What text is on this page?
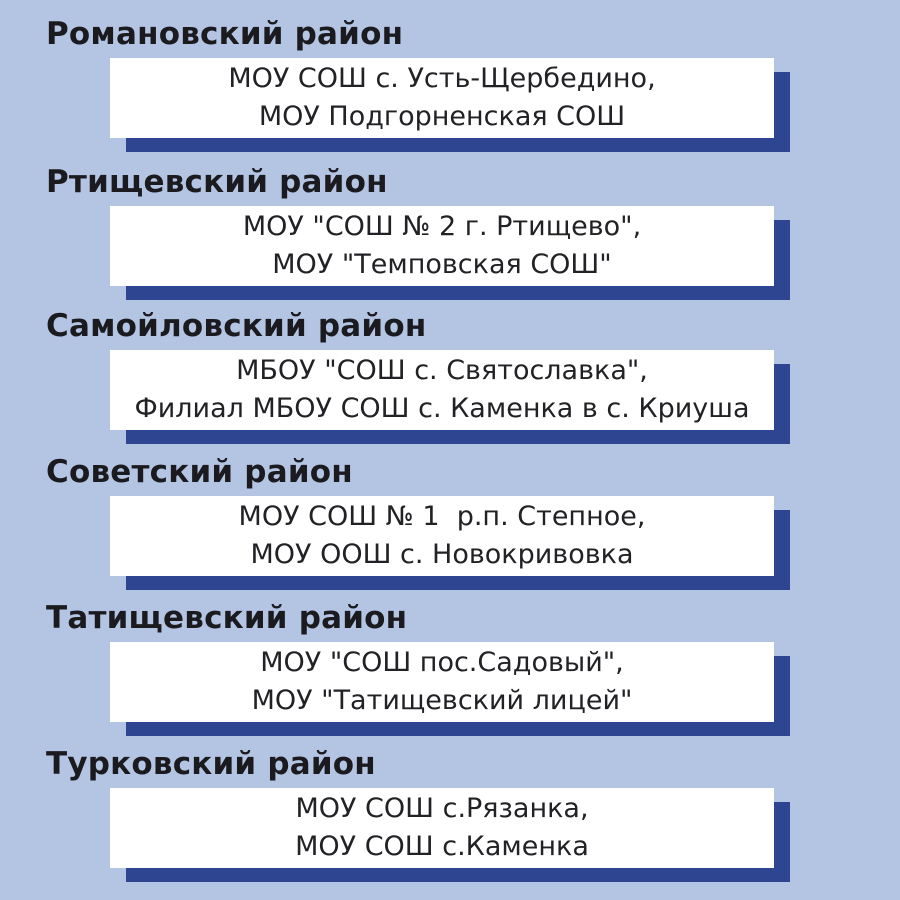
Романовский район
МОУ СОШ с. Усть-Щербедино,
МОУ Подгорненская СОШ
Ртищевский район
МОУ "СОШ № 2 г. Ртищево",
МОУ "Темповская СОШ"
Самойловский район
МБОУ "СОШ с. Святославка",
Филиал МБОУ СОШ с. Каменка в с. Криуша
Советский район
МОУ СОШ № 1  р.п. Степное,
МОУ ООШ с. Новокривовка
Татищевский район
МОУ "СОШ пос.Садовый",
МОУ "Татищевский лицей"
Турковский район
МОУ СОШ с.Рязанка,
МОУ СОШ с.Каменка
